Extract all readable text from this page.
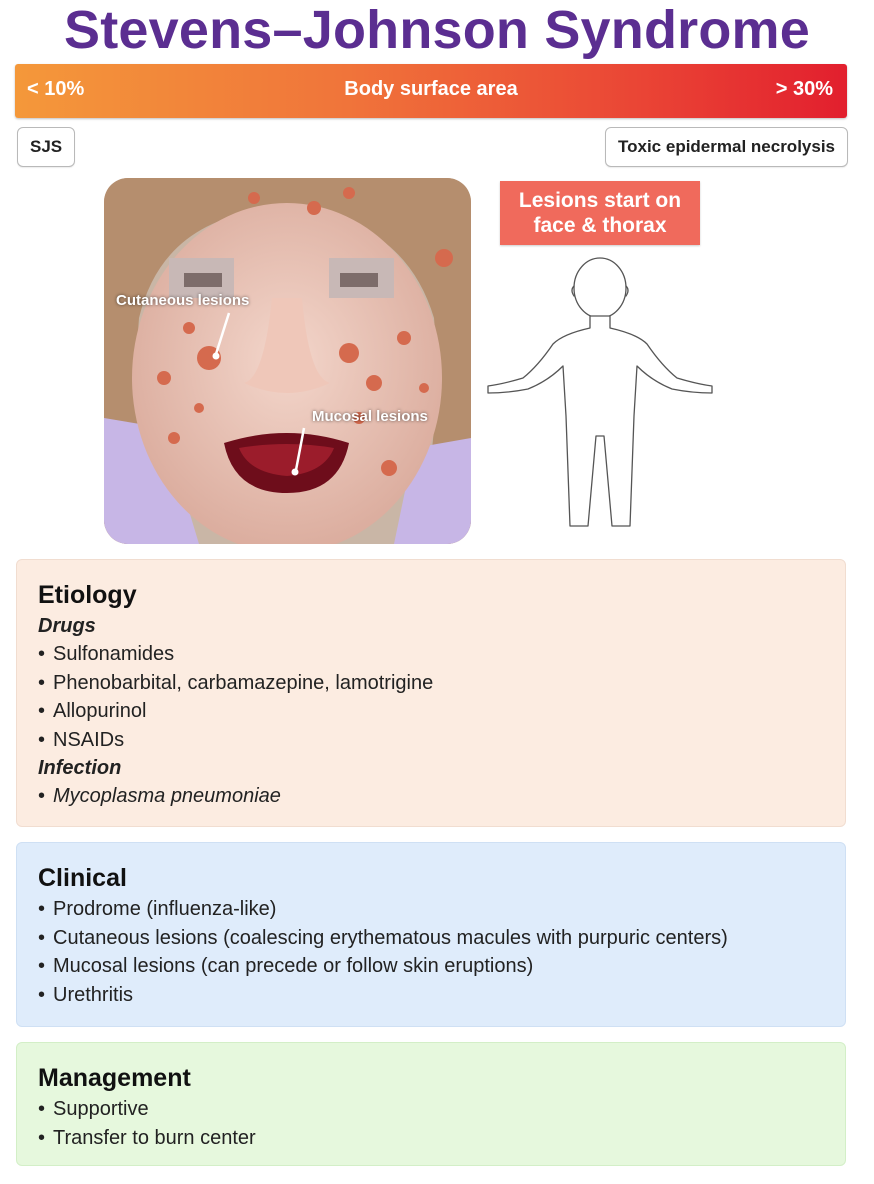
Stevens–Johnson Syndrome
< 10%	Body surface area	> 30%
SJS	Toxic epidermal necrolysis
Cutaneous lesions
Mucosal lesions
Lesions start on
face & thorax
Etiology
Drugs
• Sulfonamides
• Phenobarbital, carbamazepine, lamotrigine
• Allopurinol
• NSAIDs
Infection
• Mycoplasma pneumoniae
Clinical
• Prodrome (influenza-like)
• Cutaneous lesions (coalescing erythematous macules with purpuric centers)
• Mucosal lesions (can precede or follow skin eruptions)
• Urethritis
Management
• Supportive
• Transfer to burn center
